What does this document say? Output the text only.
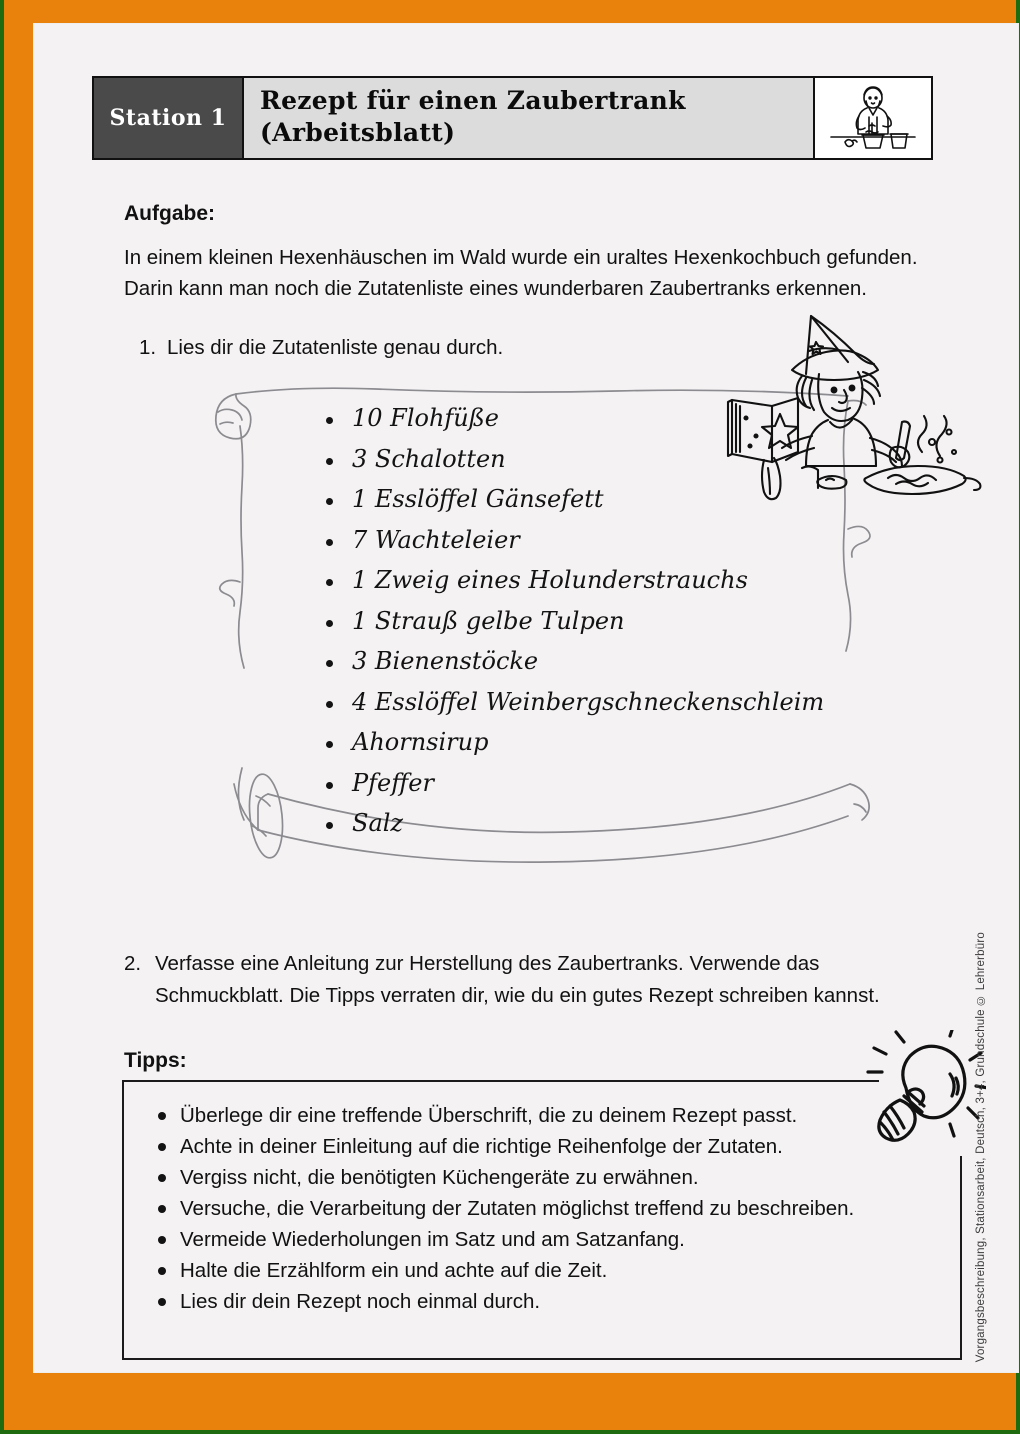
Station 1
Rezept für einen Zaubertrank
(Arbeitsblatt)
Aufgabe:
In einem kleinen Hexenhäuschen im Wald wurde ein uraltes Hexenkochbuch gefunden. Darin kann man noch die Zutatenliste eines wunderbaren Zaubertranks erkennen.
1. Lies dir die Zutatenliste genau durch.
10 Flohfüße
3 Schalotten
1 Esslöffel Gänsefett
7 Wachteleier
1 Zweig eines Holunderstrauchs
1 Strauß gelbe Tulpen
3 Bienenstöcke
4 Esslöffel Weinbergschneckenschleim
Ahornsirup
Pfeffer
Salz
2. Verfasse eine Anleitung zur Herstellung des Zaubertranks. Verwende das Schmuckblatt. Die Tipps verraten dir, wie du ein gutes Rezept schreiben kannst.
Tipps:
Überlege dir eine treffende Überschrift, die zu deinem Rezept passt.
Achte in deiner Einleitung auf die richtige Reihenfolge der Zutaten.
Vergiss nicht, die benötigten Küchengeräte zu erwähnen.
Versuche, die Verarbeitung der Zutaten möglichst treffend zu beschreiben.
Vermeide Wiederholungen im Satz und am Satzanfang.
Halte die Erzählform ein und achte auf die Zeit.
Lies dir dein Rezept noch einmal durch.	Vorgangsbeschreibung, Stationsarbeit, Deutsch, 3+4, Grundschule © Lehrerbüro
